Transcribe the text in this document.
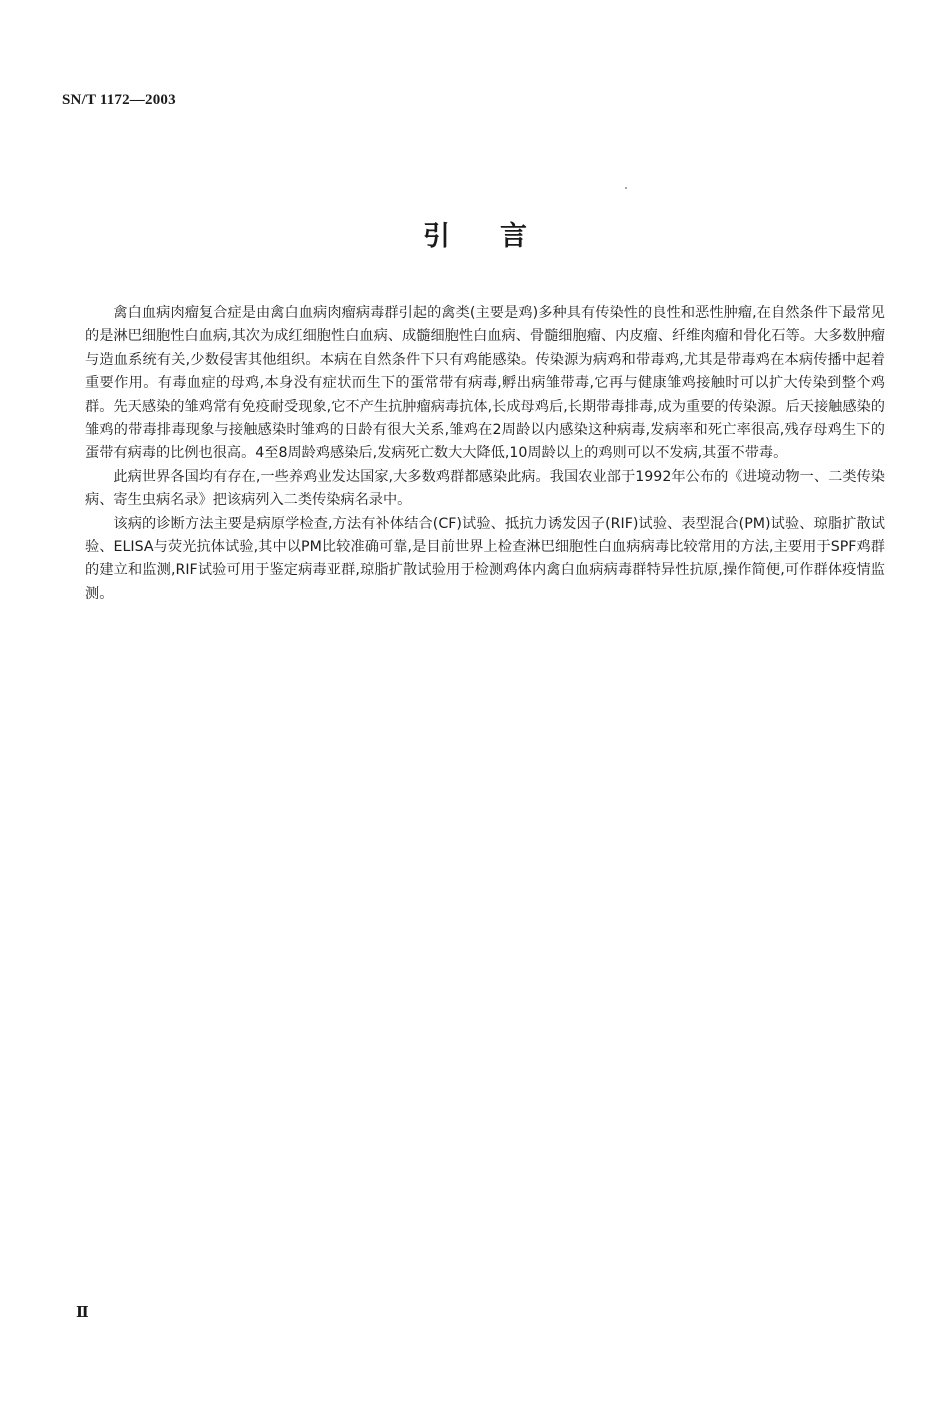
SN/T 1172—2003
引言

禽白血病肉瘤复合症是由禽白血病肉瘤病毒群引起的禽类(主要是鸡)多种具有传染性的良性和恶性肿瘤,在自然条件下最常见的是淋巴细胞性白血病,其次为成红细胞性白血病、成髓细胞性白血病、骨髓细胞瘤、内皮瘤、纤维肉瘤和骨化石等。大多数肿瘤与造血系统有关,少数侵害其他组织。本病在自然条件下只有鸡能感染。传染源为病鸡和带毒鸡,尤其是带毒鸡在本病传播中起着重要作用。有毒血症的母鸡,本身没有症状而生下的蛋常带有病毒,孵出病雏带毒,它再与健康雏鸡接触时可以扩大传染到整个鸡群。先天感染的雏鸡常有免疫耐受现象,它不产生抗肿瘤病毒抗体,长成母鸡后,长期带毒排毒,成为重要的传染源。后天接触感染的雏鸡的带毒排毒现象与接触感染时雏鸡的日龄有很大关系,雏鸡在2周龄以内感染这种病毒,发病率和死亡率很高,残存母鸡生下的蛋带有病毒的比例也很高。4至8周龄鸡感染后,发病死亡数大大降低,10周龄以上的鸡则可以不发病,其蛋不带毒。

此病世界各国均有存在,一些养鸡业发达国家,大多数鸡群都感染此病。我国农业部于1992年公布的《进境动物一、二类传染病、寄生虫病名录》把该病列入二类传染病名录中。

该病的诊断方法主要是病原学检查,方法有补体结合(CF)试验、抵抗力诱发因子(RIF)试验、表型混合(PM)试验、琼脂扩散试验、ELISA与荧光抗体试验,其中以PM比较准确可靠,是目前世界上检查淋巴细胞性白血病病毒比较常用的方法,主要用于SPF鸡群的建立和监测,RIF试验可用于鉴定病毒亚群,琼脂扩散试验用于检测鸡体内禽白血病病毒群特异性抗原,操作简便,可作群体疫情监测。

Ⅱ
